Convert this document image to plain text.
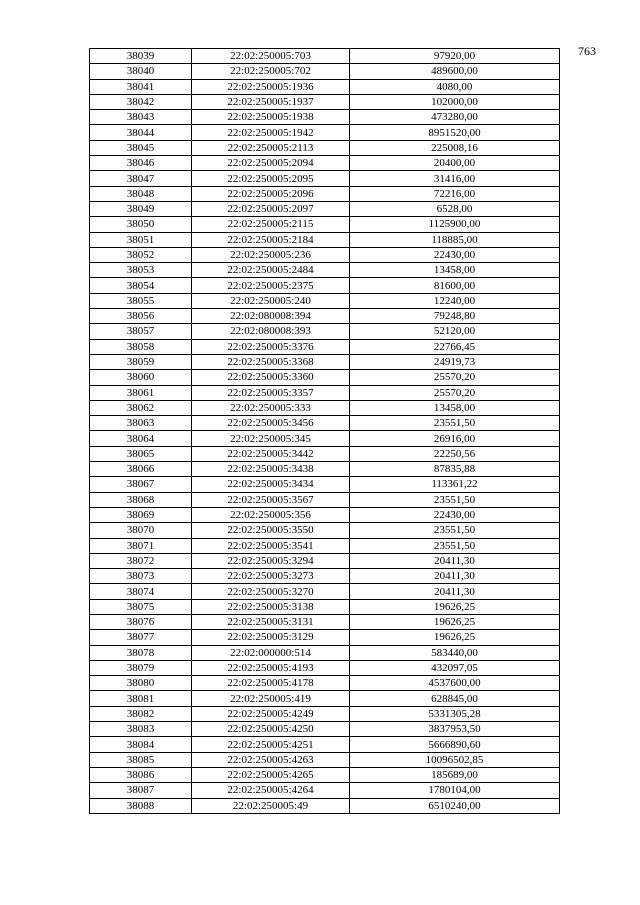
763
38039	22:02:250005:703	97920,00
38040	22:02:250005:702	489600,00
38041	22:02:250005:1936	4080,00
38042	22:02:250005:1937	102000,00
38043	22:02:250005:1938	473280,00
38044	22:02:250005:1942	8951520,00
38045	22:02:250005:2113	225008,16
38046	22:02:250005:2094	20400,00
38047	22:02:250005:2095	31416,00
38048	22:02:250005:2096	72216,00
38049	22:02:250005:2097	6528,00
38050	22:02:250005:2115	1125900,00
38051	22:02:250005:2184	118885,00
38052	22:02:250005:236	22430,00
38053	22:02:250005:2484	13458,00
38054	22:02:250005:2375	81600,00
38055	22:02:250005:240	12240,00
38056	22:02:080008:394	79248,80
38057	22:02:080008:393	52120,00
38058	22:02:250005:3376	22766,45
38059	22:02:250005:3368	24919,73
38060	22:02:250005:3360	25570,20
38061	22:02:250005:3357	25570,20
38062	22:02:250005:333	13458,00
38063	22:02:250005:3456	23551,50
38064	22:02:250005:345	26916,00
38065	22:02:250005:3442	22250,56
38066	22:02:250005:3438	87835,88
38067	22:02:250005:3434	113361,22
38068	22:02:250005:3567	23551,50
38069	22:02:250005:356	22430,00
38070	22:02:250005:3550	23551,50
38071	22:02:250005:3541	23551,50
38072	22:02:250005:3294	20411,30
38073	22:02:250005:3273	20411,30
38074	22:02:250005:3270	20411,30
38075	22:02:250005:3138	19626,25
38076	22:02:250005:3131	19626,25
38077	22:02:250005:3129	19626,25
38078	22:02:000000:514	583440,00
38079	22:02:250005:4193	432097,05
38080	22:02:250005:4178	4537600,00
38081	22:02:250005:419	628845,00
38082	22:02:250005:4249	5331305,28
38083	22:02:250005:4250	3837953,50
38084	22:02:250005:4251	5666890,60
38085	22:02:250005:4263	10096502,85
38086	22:02:250005:4265	185689,00
38087	22:02:250005:4264	1780104,00
38088	22:02:250005:49	6510240,00
